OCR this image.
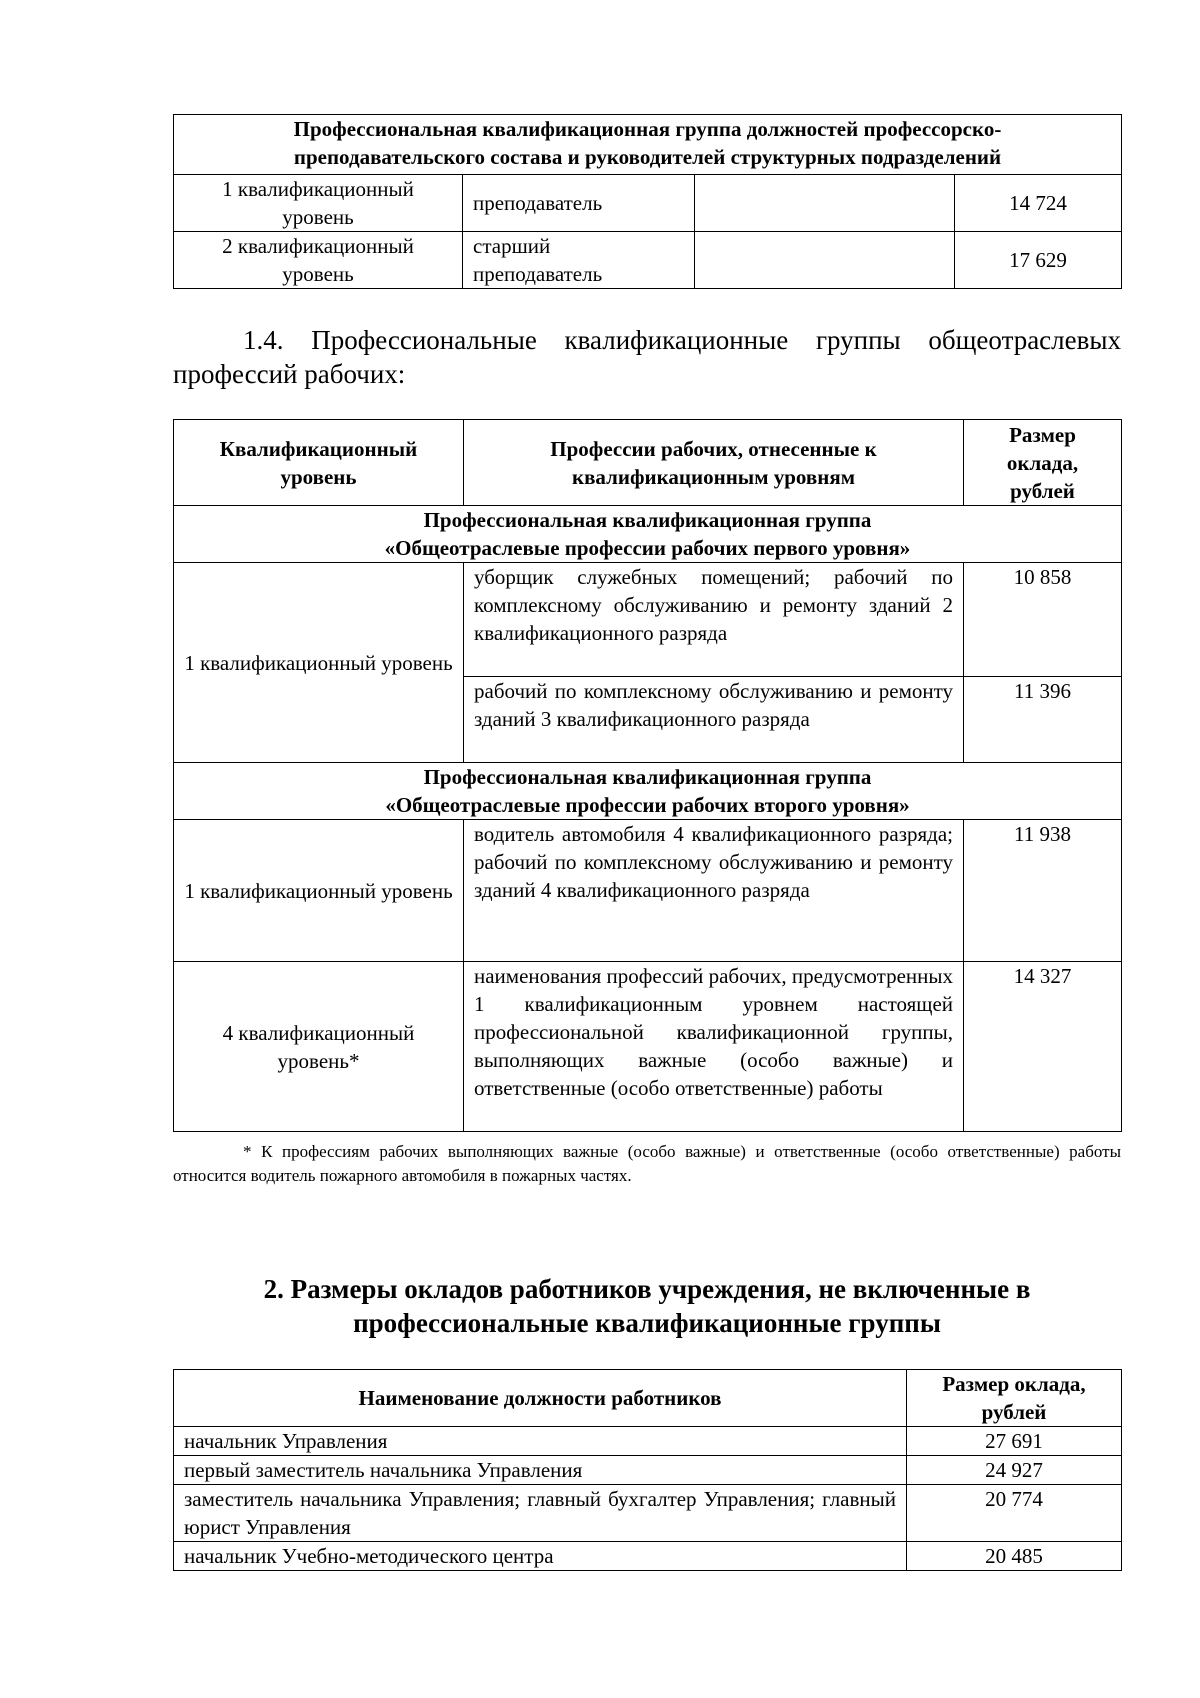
Профессиональная квалификационная группа должностей профессорско-преподавательского состава и руководителей структурных подразделений			
1 квалификационный уровень	преподаватель		14 724
2 квалификационный уровень	старший преподаватель		17 629
1.4. Профессиональные квалификационные группы общеотраслевых профессий рабочих:
Квалификационный уровень	Профессии рабочих, отнесенные к квалификационным уровням	Размер оклада, рублей

Профессиональная квалификационная группа
«Общеотраслевые профессии рабочих первого уровня»		

1 квалификационный уровень	уборщик служебных помещений; рабочий по комплексному обслуживанию и ремонту зданий 2 квалификационного разряда	10 858
	рабочий по комплексному обслуживанию и ремонту зданий 3 квалификационного разряда	11 396

Профессиональная квалификационная группа
«Общеотраслевые профессии рабочих второго уровня»		

1 квалификационный уровень	водитель автомобиля 4 квалификационного разряда; рабочий по комплексному обслуживанию и ремонту зданий 4 квалификационного разряда	11 938
4 квалификационный уровень*	наименования профессий рабочих, предусмотренных 1 квалификационным уровнем настоящей профессиональной квалификационной группы, выполняющих важные (особо важные) и ответственные (особо ответственные) работы	14 327
* К профессиям рабочих выполняющих важные (особо важные) и ответственные (особо ответственные) работы относится водитель пожарного автомобиля в пожарных частях.
2. Размеры окладов работников учреждения, не включенные в профессиональные квалификационные группы
Наименование должности работников	Размер оклада, рублей
начальник Управления	27 691
первый заместитель начальника Управления	24 927
заместитель начальника Управления; главный бухгалтер Управления; главный юрист Управления	20 774
начальник Учебно-методического центра	20 485
